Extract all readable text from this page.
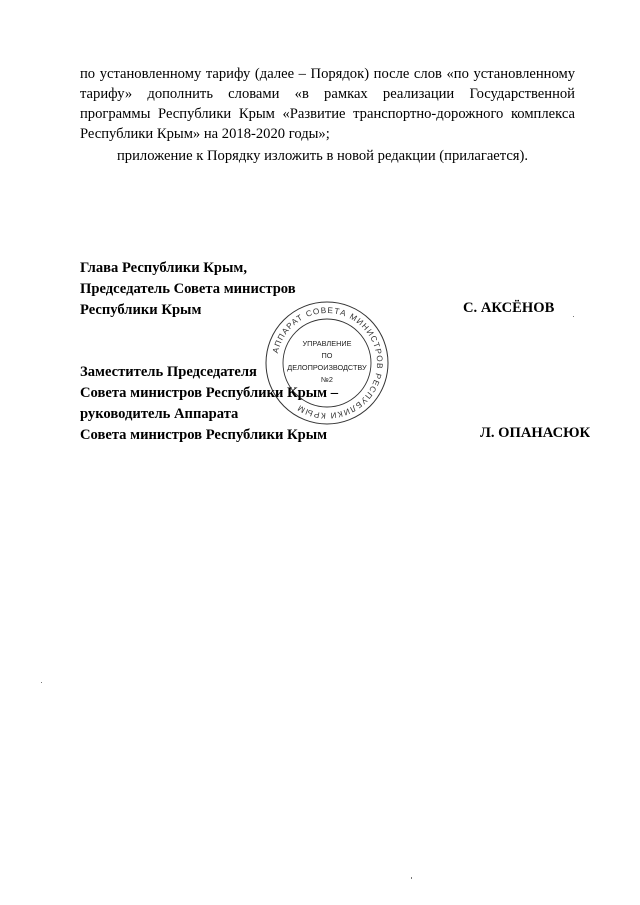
по установленному тарифу (далее – Порядок) после слов «по установленному
тарифу» дополнить словами «в рамках реализации Государственной
программы Республики Крым «Развитие транспортно-дорожного комплекса
Республики Крым» на 2018-2020 годы»;

приложение к Порядку изложить в новой редакции (прилагается).

Глава Республики Крым,
Председатель Совета министров
Республики Крым	С. АКСЁНОВ
АППАРАТ СОВЕТА МИНИСТРОВ РЕСПУБЛИКИ КРЫМ
УПРАВЛЕНИЕ
ПО
ДЕЛОПРОИЗВОДСТВУ
№2
Заместитель Председателя
Совета министров Республики Крым –
руководитель Аппарата
Совета министров Республики Крым	Л. ОПАНАСЮК
